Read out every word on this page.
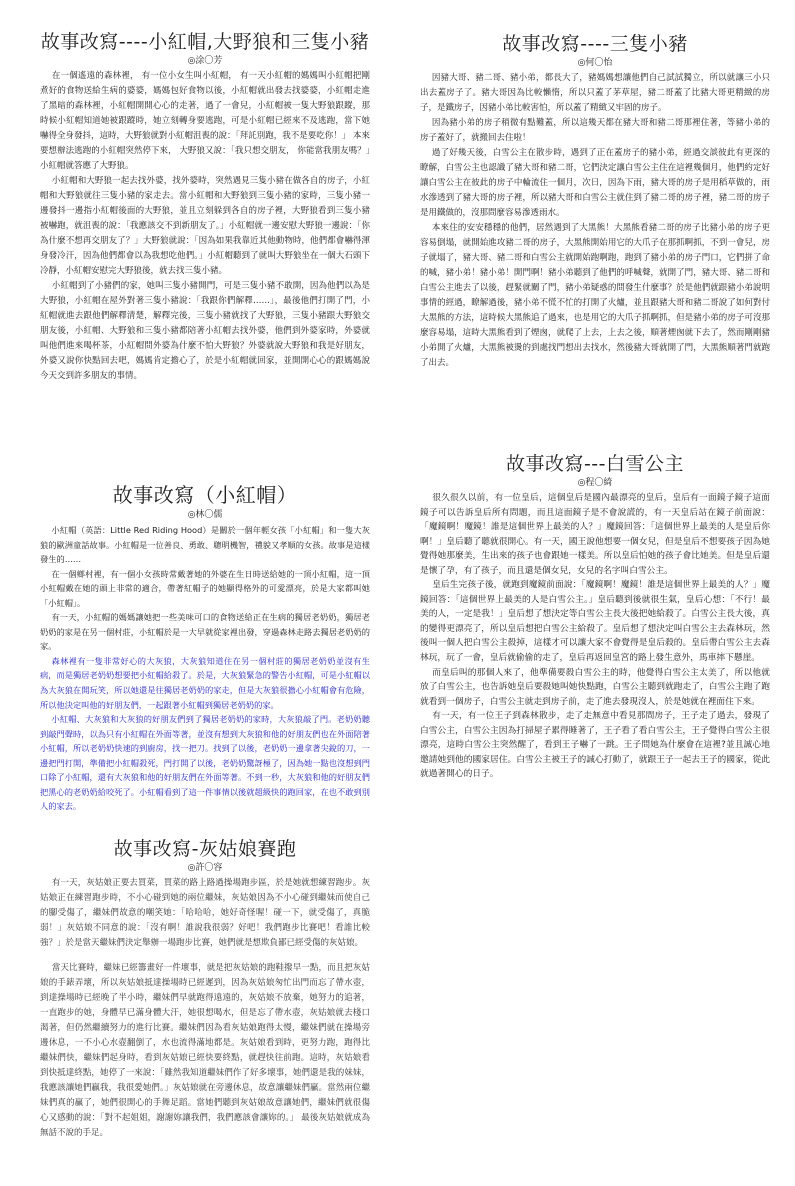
故事改寫----小紅帽,大野狼和三隻小豬
◎涂〇芳

在一個遙遠的森林裡， 有一位小女生叫小紅帽， 有一天小紅帽的媽媽叫小紅帽把剛煮好的食物送給生病的婆婆，媽媽包好食物以後，小紅帽就出發去找婆婆，小紅帽走進了黑暗的森林裡，小紅帽開開心心的走著，過了一會兒，小紅帽被一隻大野狼跟蹤，那時候小紅帽知道她被跟蹤時，她立刻轉身要逃跑，可是小紅帽已經來不及逃跑，當下她嚇得全身發抖，這時，大野狼就對小紅帽沮喪的說：「拜託別跑，我不是要吃你！」 本來要想辦法逃跑的小紅帽突然停下來， 大野狼又說：「我只想交朋友， 你能當我朋友嗎？」小紅帽就答應了大野狼。

小紅帽和大野狼一起去找外婆，找外婆時，突然遇見三隻小豬在做各自的房子，小紅帽和大野狼就往三隻小豬的家走去。當小紅帽和大野狼到三隻小豬的家時，三隻小豬一邊發抖一邊指小紅帽後面的大野狼，並且立刻躲到各自的房子裡，大野狼看到三隻小豬被嚇跑，就沮喪的說：「我應該交不到新朋友了。」小紅帽就一邊安慰大野狼一邊說：「你為什麼不想再交朋友了？」大野狼就說：「因為如果我靠近其他動物時，他們都會嚇得渾身發冷汗，因為他們都會以為我想吃他們。」小紅帽聽到了就叫大野狼坐在一個大石頭下冷靜，小紅帽安慰完大野狼後，就去找三隻小豬。

小紅帽到了小豬們的家，她叫三隻小豬開門，可是三隻小豬不敢開，因為他們以為是大野狼，小紅帽在屋外對著三隻小豬說：「我跟你們解釋……」，最後他們打開了門，小紅帽就進去跟他們解釋清楚，解釋完後，三隻小豬就找了大野狼，三隻小豬跟大野狼交朋友後，小紅帽、大野狼和三隻小豬都陪著小紅帽去找外婆，他們到外婆家時，外婆就叫他們進來喝杯茶，小紅帽問外婆為什麼不怕大野狼？外婆就說大野狼和我是好朋友，外婆又說你快點回去吧，媽媽肯定擔心了，於是小紅帽就回家，並開開心心的跟媽媽說今天交到許多朋友的事情。

故事改寫（小紅帽）
◎林〇儒

小紅帽（英語：Little Red Riding Hood）是關於一個年輕女孩「小紅帽」和一隻大灰狼的歐洲童話故事。小紅帽是一位善良、勇敢、聰明機智，禮貌又孝順的女孩。故事是這樣發生的……

在一個鄉村裡，有一個小女孩時常戴著她的外婆在生日時送給她的一頂小紅帽，這一頂小紅帽戴在她的頭上非常的適合，帶著紅帽子的她顯得格外的可愛漂亮，於是大家都叫她「小紅帽」。

有一天，小紅帽的媽媽讓她把一些美味可口的食物送給正在生病的獨居老奶奶，獨居老奶奶的家是在另一個村莊，小紅帽於是一大早就從家裡出發，穿過森林走路去獨居老奶奶的家。

森林裡有一隻非常好心的大灰狼，大灰狼知道住在另一個村莊的獨居老奶奶並沒有生病，而是獨居老奶奶想要把小紅帽給殺了。於是，大灰狼緊急的警告小紅帽，可是小紅帽以為大灰狼在開玩笑，所以她還是往獨居老奶奶的家走，但是大灰狼很擔心小紅帽會有危險，所以他決定叫他的好朋友們，一起跟著小紅帽到獨居老奶奶的家。

小紅帽、大灰狼和大灰狼的好朋友們到了獨居老奶奶的家時，大灰狼敲了門。老奶奶聽到敲門聲時，以為只有小紅帽在外面等著，並沒有想到大灰狼和他的好朋友們也在外面陪著小紅帽，所以老奶奶快速的到廚房，找一把刀。找到了以後，老奶奶一邊拿著尖銳的刀，一邊把門打開，準備把小紅帽殺死，門打開了以後，老奶奶驚訝極了，因為她一點也沒想到門口除了小紅帽，還有大灰狼和他的好朋友們在外面等著。不到一秒，大灰狼和他的好朋友們把黑心的老奶奶給咬死了。小紅帽看到了這一件事情以後就超級快的跑回家，在也不敢到別人的家去。

故事改寫-灰姑娘賽跑
◎許〇容

有一天，灰姑娘正要去買菜，買菜的路上路過操場跑步區，於是她就想練習跑步。灰姑娘正在練習跑步時，不小心碰到她的兩位繼妹，灰姑娘因為不小心碰到繼妹而使自己的腳受傷了，繼妹們故意的嘲笑她：「哈哈哈，她好奇怪喔！碰一下，就受傷了，真脆弱！」灰姑娘不同意的說：「沒有啊！誰說我很弱？好吧！我們跑步比賽吧！看誰比較強？」於是當天繼妹們決定舉辦一場跑步比賽，她們就是想欺負鄙已經受傷的灰姑娘。

當天比賽時，繼妹已經籌畫好一件壞事，就是把灰姑娘的跑鞋撥早一點，而且把灰姑娘的手錶弄壞，所以灰姑娘抵達操場時已經遲到，因為灰姑娘匆忙出門而忘了帶水壺，到達操場時已經晚了半小時，繼妹們早就跑得遠遠的，灰姑娘不放棄，她努力的追著，一直跑步的她，身體早已滿身體大汗，她很想喝水，但是忘了帶水壺，灰姑娘就去棧口渴著，但仍然繼續努力的進行比賽。繼妹們因為看灰姑娘跑得太慢，繼妹們就在操場旁邊休息，一不小心水壺翻倒了，水也流得滿地都是。灰姑娘看到時，更努力跑，跑得比繼妹們快，繼妹們起身時，看到灰姑娘已經快要終點，就趕快往前跑。這時，灰姑娘看到快抵達終點，她停了一來說：「雖然我知道繼妹們作了好多壞事，她們還是我的妹妹，我應該讓她們贏我，我很愛她們。」灰姑娘就在旁邊休息，故意讓繼妹們贏。當然兩位繼妹們真的贏了，她們很開心的手舞足蹈。當她們聽到灰姑娘故意讓她們，繼妹們就很傷心又感動的說：「對不起姐姐，謝謝妳讓我們，我們應該會讓妳的。」 最後灰姑娘就成為無話不說的手足。

故事改寫----三隻小豬
◎何〇怡

因豬大哥、豬二哥、豬小弟，都長大了，豬媽媽想讓他們自己試試獨立，所以就讓三小只出去蓋房子了。豬大哥因為比較懶惰，所以只蓋了茅草屋，豬二哥蓋了比豬大哥更精緻的房子，是鐵房子，因豬小弟比較害怕，所以蓋了精緻又牢固的房子。

因為豬小弟的房子稍微有點難蓋，所以這幾天都在豬大哥和豬二哥那裡住著，等豬小弟的房子蓋好了，就搬回去住啦！

過了好幾天後，白雪公主在散步時，遇到了正在蓋房子的豬小弟，經過交談彼此有更深的瞭解，白雪公主也認識了豬大哥和豬二哥，它們決定讓白雪公主住在這裡幾個月，他們約定好讓白雪公主在彼此的房子中輪流住一個月，次日，因為下雨，豬大哥的房子是用稻草做的，雨水滲透到了豬大哥的房子裡，所以豬大哥和白雪公主就住到了豬二哥的房子裡，豬二哥的房子是用鐵做的，沒那問麼容易滲透雨水。

本來住的安安穩穩的他們，居然遇到了大黑熊！大黑熊看豬二哥的房子比豬小弟的房子更容易倒塌，就開始進攻豬二哥的房子，大黑熊開始用它的大爪子在那抓啊抓，不到一會兒，房子就塌了，豬大哥、豬二哥和白雪公主就開始跑啊跑，跑到了豬小弟的房子門口，它們拼了命的喊，豬小弟！豬小弟！開門啊！豬小弟聽到了他們的呼喊聲，就開了門，豬大哥、豬二哥和白雪公主進去了以後，趕緊就關了門，豬小弟疑惑的問發生什麼事？於是他們就跟豬小弟說明事情的經過，瞭解過後，豬小弟不慌不忙的打開了火爐，並且跟豬大哥和豬二哥說了如何對付大黑熊的方法，這時候大黑熊追了過來，也是用它的大爪子抓啊抓，但是豬小弟的房子可沒那麼容易塌，這時大黑熊看到了煙囪，就爬了上去，上去之後，順著煙囪就下去了，然而剛剛豬小弟開了火爐，大黑熊被燙的到處找門想出去找水，然後豬大哥就開了門，大黑熊順著門就跑了出去。

故事改寫---白雪公主
◎程〇綺

很久很久以前，有一位皇后，這個皇后是國內最漂亮的皇后，皇后有一面鏡子鏡子這面鏡子可以告訴皇后所有問題，而且這面鏡子是不會說謊的，有一天皇后站在鏡子前面說：「魔鏡啊！魔鏡！誰是這個世界上最美的人？」魔鏡回答：「這個世界上最美的人是皇后你啊！」皇后聽了聽就很開心。有一天，國王說他想要一個女兒，但是皇后不想要孩子因為她覺得她那麼美，生出來的孩子也會跟她一樣美。所以皇后怕她的孩子會比她美。但是皇后還是懷了孕，有了孩子，而且還是個女兒，女兒的名字叫白雪公主。

皇后生完孩子後，就跑到魔鏡前面說：「魔鏡啊！魔鏡！誰是這個世界上最美的人？」魔鏡回答：「這個世界上最美的人是白雪公主。」皇后聽到後就很生氣，皇后心想：「不行！最美的人，一定是我！」皇后想了想決定等白雪公主長大後把她給殺了。白雪公主長大後，真的變得更漂亮了，所以皇后想把白雪公主給殺了。皇后想了想決定叫白雪公主去森林玩，然後叫一個人把白雪公主殺掉，這樣才可以讓大家不會覺得是皇后殺的。皇后帶白雪公主去森林玩，玩了一會，皇后就偷偷的走了，皇后再返回皇宮的路上發生意外，馬車摔下懸崖。

而皇后叫的那個人來了，他準備要殺白雪公主的時，他覺得白雪公主太美了，所以他就放了白雪公主，也告訴她皇后要殺她叫她快點跑，白雪公主聽到就跑走了，白雪公主跑了跑就看到一個房子，白雪公主就走到房子前，走了進去發現沒人，於是她就在裡面住下來。

有一天，有一位王子到森林散步，走了走無意中看見那間房子，王子走了過去，發現了白雪公主，白雪公主因為打掃屋子累得睡著了，王子看了看白雪公主，王子覺得白雪公主很漂亮，這時白雪公主突然醒了，看到王子嚇了一跳。王子問她為什麼會在這裡?並且誠心地邀請她到他的國家居住。白雪公主被王子的誠心打動了，就跟王子一起去王子的國家，從此就過著開心的日子。
